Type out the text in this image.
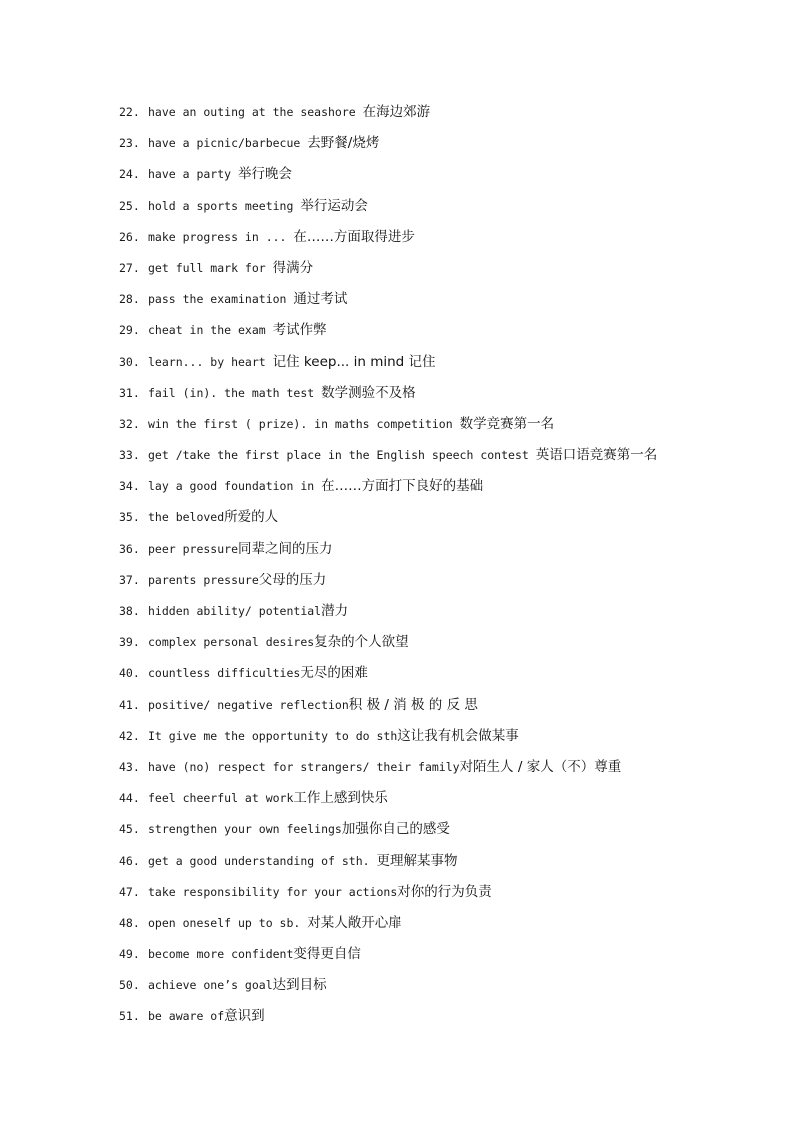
22. have an outing at the seashore 在海边郊游
23. have a picnic/barbecue 去野餐/烧烤
24. have a party 举行晚会
25. hold a sports meeting 举行运动会
26. make progress in ... 在……方面取得进步
27. get full mark for 得满分
28. pass the examination 通过考试
29. cheat in the exam 考试作弊
30. learn... by heart 记住 keep... in mind 记住
31. fail (in). the math test 数学测验不及格
32. win the first ( prize). in maths competition 数学竞赛第一名
33. get /take the first place in the English speech contest 英语口语竞赛第一名
34. lay a good foundation in 在……方面打下良好的基础
35. the beloved所爱的人
36. peer pressure同辈之间的压力
37. parents pressure父母的压力
38. hidden ability/ potential潜力
39. complex personal desires复杂的个人欲望
40. countless difficulties无尽的困难
41. positive/ negative reflection积 极 / 消 极 的 反 思
42. It give me the opportunity to do sth这让我有机会做某事
43. have (no) respect for strangers/ their family对陌生人 / 家人（不）尊重
44. feel cheerful at work工作上感到快乐
45. strengthen your own feelings加强你自己的感受
46. get a good understanding of sth. 更理解某事物
47. take responsibility for your actions对你的行为负责
48. open oneself up to sb. 对某人敞开心扉
49. become more confident变得更自信
50. achieve one’s goal达到目标
51. be aware of意识到
